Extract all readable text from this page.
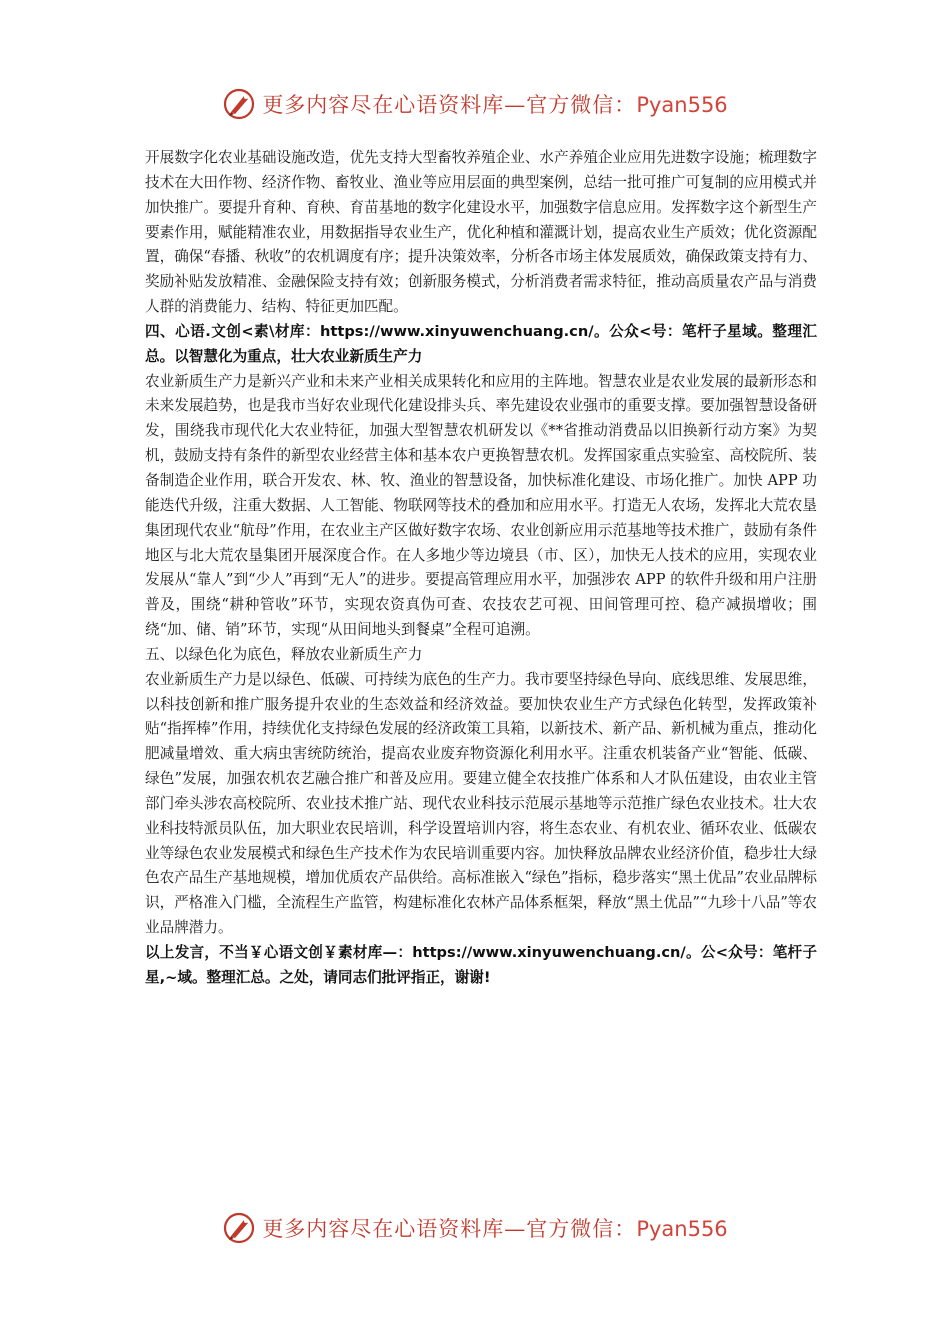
更多内容尽在心语资料库—官方微信：Pyan556

开展数字化农业基础设施改造，优先支持大型畜牧养殖企业、水产养殖企业应用先进数字设施；梳理数字技术在大田作物、经济作物、畜牧业、渔业等应用层面的典型案例，总结一批可推广可复制的应用模式并加快推广。要提升育种、育秧、育苗基地的数字化建设水平，加强数字信息应用。发挥数字这个新型生产要素作用，赋能精准农业，用数据指导农业生产，优化种植和灌溉计划，提高农业生产质效；优化资源配置，确保“春播、秋收”的农机调度有序；提升决策效率，分析各市场主体发展质效，确保政策支持有力、奖励补贴发放精准、金融保险支持有效；创新服务模式，分析消费者需求特征，推动高质量农产品与消费人群的消费能力、结构、特征更加匹配。

四、心语.文创<素\材库：https://www.xinyuwenchuang.cn/。公众<号：笔杆子星域。整理汇总。以智慧化为重点，壮大农业新质生产力

农业新质生产力是新兴产业和未来产业相关成果转化和应用的主阵地。智慧农业是农业发展的最新形态和未来发展趋势，也是我市当好农业现代化建设排头兵、率先建设农业强市的重要支撑。要加强智慧设备研发，围绕我市现代化大农业特征，加强大型智慧农机研发以《**省推动消费品以旧换新行动方案》为契机，鼓励支持有条件的新型农业经营主体和基本农户更换智慧农机。发挥国家重点实验室、高校院所、装备制造企业作用，联合开发农、林、牧、渔业的智慧设备，加快标准化建设、市场化推广。加快 APP 功能迭代升级，注重大数据、人工智能、物联网等技术的叠加和应用水平。打造无人农场，发挥北大荒农垦集团现代农业“航母”作用，在农业主产区做好数字农场、农业创新应用示范基地等技术推广，鼓励有条件地区与北大荒农垦集团开展深度合作。在人多地少等边境县（市、区），加快无人技术的应用，实现农业发展从“靠人”到“少人”再到“无人”的进步。要提高管理应用水平，加强涉农 APP 的软件升级和用户注册普及，围绕“耕种管收”环节，实现农资真伪可查、农技农艺可视、田间管理可控、稳产减损增收；围绕“加、储、销”环节，实现“从田间地头到餐桌”全程可追溯。

五、以绿色化为底色，释放农业新质生产力

农业新质生产力是以绿色、低碳、可持续为底色的生产力。我市要坚持绿色导向、底线思维、发展思维，以科技创新和推广服务提升农业的生态效益和经济效益。要加快农业生产方式绿色化转型，发挥政策补贴“指挥棒”作用，持续优化支持绿色发展的经济政策工具箱，以新技术、新产品、新机械为重点，推动化肥减量增效、重大病虫害统防统治，提高农业废弃物资源化利用水平。注重农机装备产业“智能、低碳、绿色”发展，加强农机农艺融合推广和普及应用。要建立健全农技推广体系和人才队伍建设，由农业主管部门牵头涉农高校院所、农业技术推广站、现代农业科技示范展示基地等示范推广绿色农业技术。壮大农业科技特派员队伍，加大职业农民培训，科学设置培训内容，将生态农业、有机农业、循环农业、低碳农业等绿色农业发展模式和绿色生产技术作为农民培训重要内容。加快释放品牌农业经济价值，稳步壮大绿色农产品生产基地规模，增加优质农产品供给。高标准嵌入“绿色”指标，稳步落实“黑土优品”农业品牌标识，严格准入门槛，全流程生产监管，构建标准化农林产品体系框架，释放“黑土优品”“九珍十八品”等农业品牌潜力。

以上发言，不当￥心语文创￥素材库—：https://www.xinyuwenchuang.cn/。公<众号：笔杆子星,~域。整理汇总。之处，请同志们批评指正，谢谢!

更多内容尽在心语资料库—官方微信：Pyan556
